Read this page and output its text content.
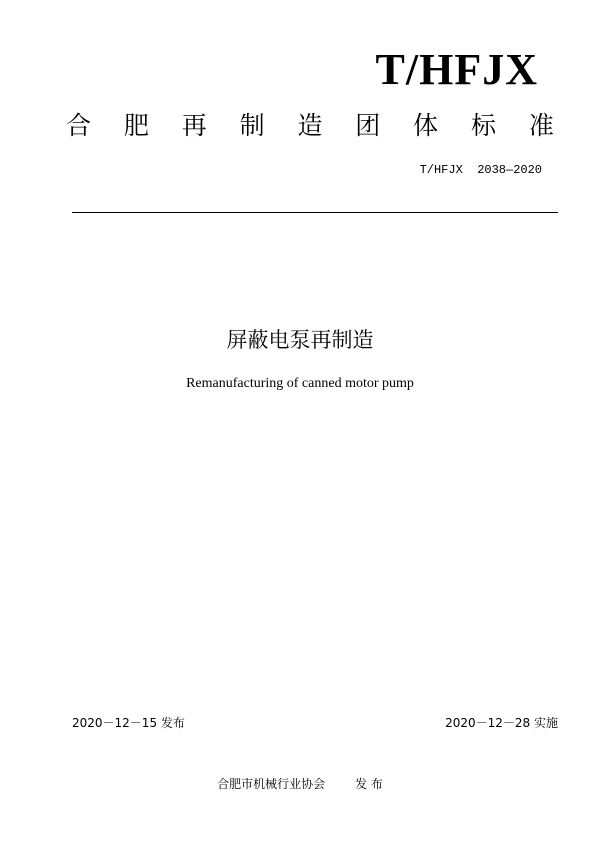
T/HFJX
合 肥 再 制 造 团 体 标 准
T/HFJX  2038—2020
屏蔽电泵再制造
Remanufacturing of canned motor pump
2020－12－15 发布	2020－12－28 实施
合肥市机械行业协会	发 布
